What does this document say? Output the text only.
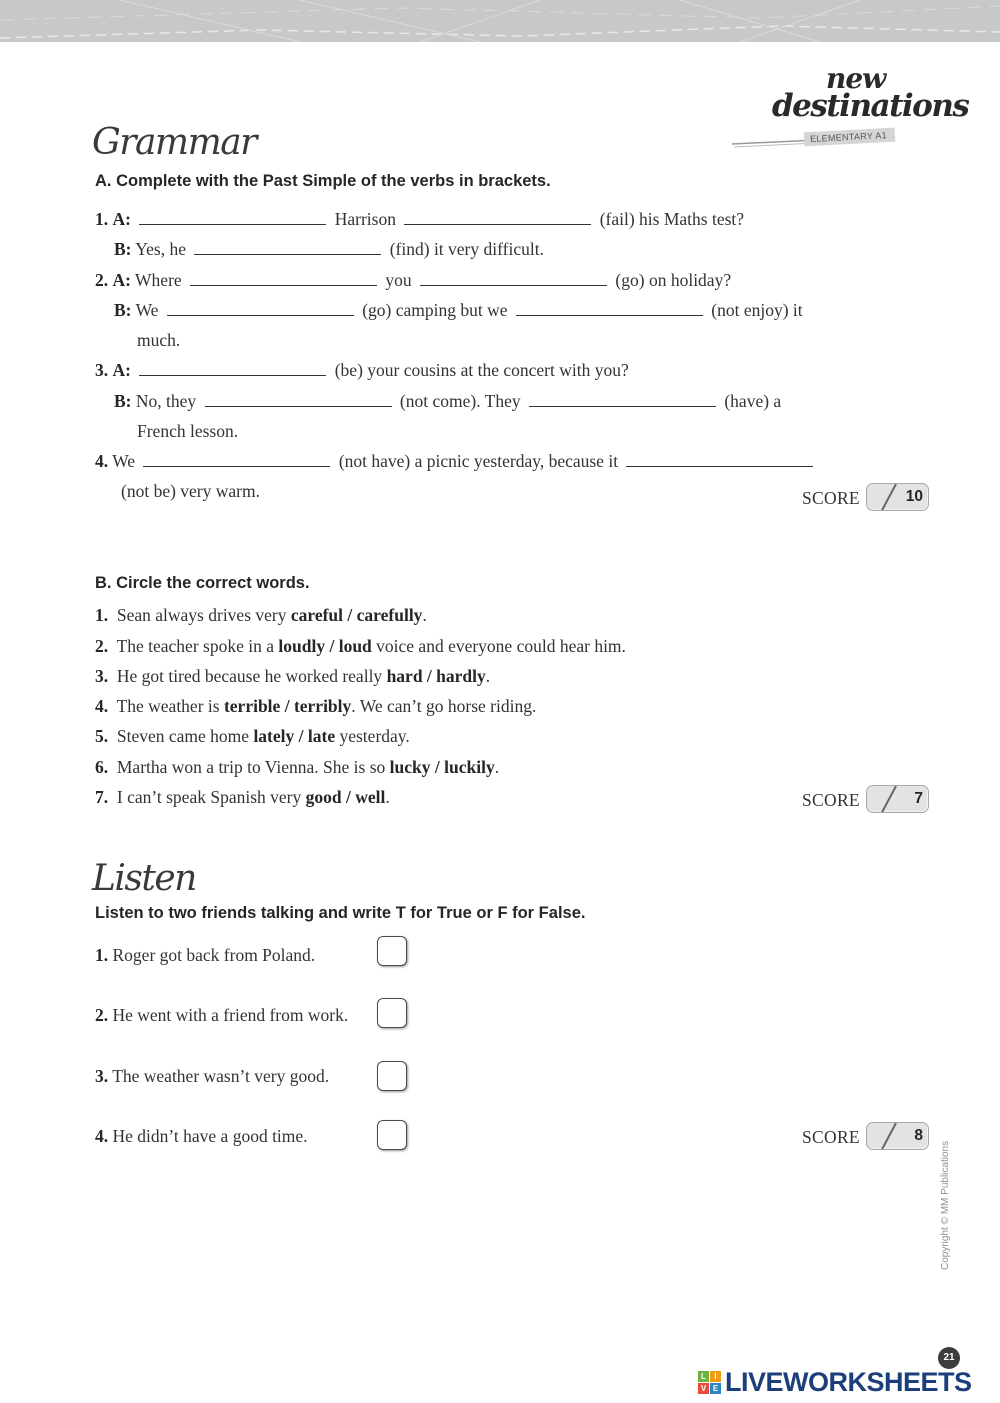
new
destinations
ELEMENTARY A1
Grammar
A. Complete with the Past Simple of the verbs in brackets.
1. A:	Harrison	(fail) his Maths test?
B: Yes, he	(find) it very difficult.
2. A: Where	you	(go) on holiday?
B: We	(go) camping but we	(not enjoy) it
much.
3. A:	(be) your cousins at the concert with you?
B: No, they	(not come). They	(have) a
French lesson.
4. We	(not have) a picnic yesterday, because it
(not be) very warm.	SCORE	10
B. Circle the correct words.
1. Sean always drives very careful / carefully.
2. The teacher spoke in a loudly / loud voice and everyone could hear him.
3. He got tired because he worked really hard / hardly.
4. The weather is terrible / terribly. We can’t go horse riding.
5. Steven came home lately / late yesterday.
6. Martha won a trip to Vienna. She is so lucky / luckily.
7. I can’t speak Spanish very good / well.	SCORE	7
Listen
Listen to two friends talking and write T for True or F for False.
1. Roger got back from Poland.
2. He went with a friend from work.
3. The weather wasn’t very good.
4. He didn’t have a good time.	SCORE	8
Copyright © MM Publications
21
L	I
V E LIVEWORKSHEETS
